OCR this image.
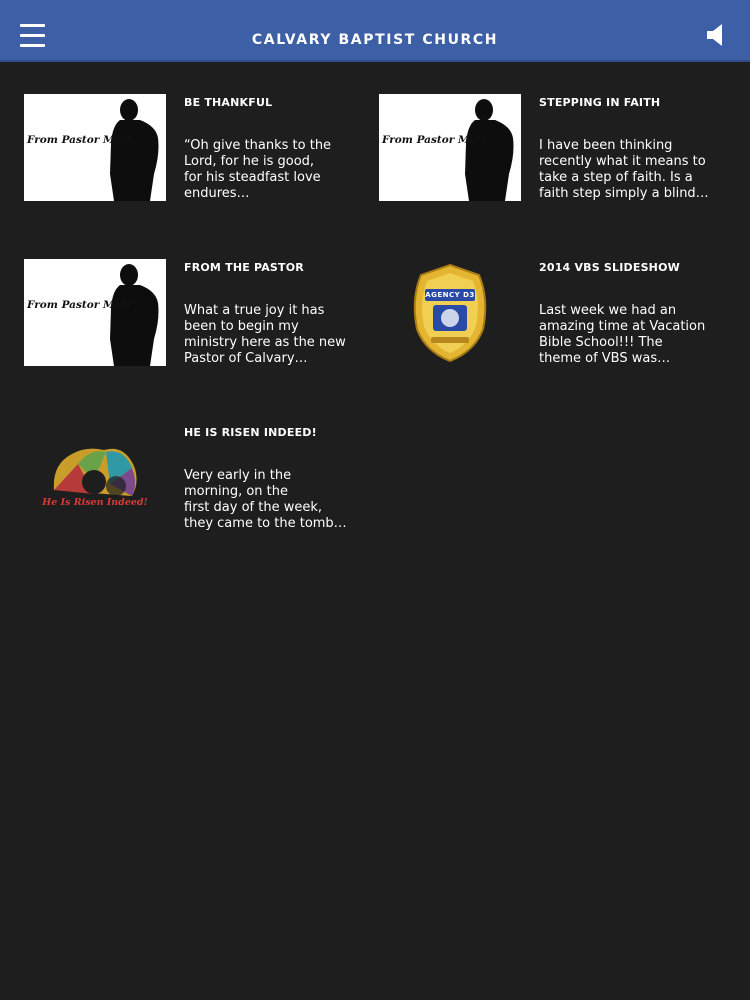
CALVARY BAPTIST CHURCH
From Pastor Matt
BE THANKFUL
“Oh give thanks to the
Lord, for he is good,
for his steadfast love
endures…
From Pastor Matt
STEPPING IN FAITH
I have been thinking
recently what it means to
take a step of faith. Is a
faith step simply a blind…
From Pastor Matt
FROM THE PASTOR
What a true joy it has
been to begin my
ministry here as the new
Pastor of Calvary…
AGENCY D3
2014 VBS SLIDESHOW
Last week we had an
amazing time at Vacation
Bible School!!! The
theme of VBS was…
He Is Risen Indeed!
HE IS RISEN INDEED!
Very early in the
morning, on the
first day of the week,
they came to the tomb…
